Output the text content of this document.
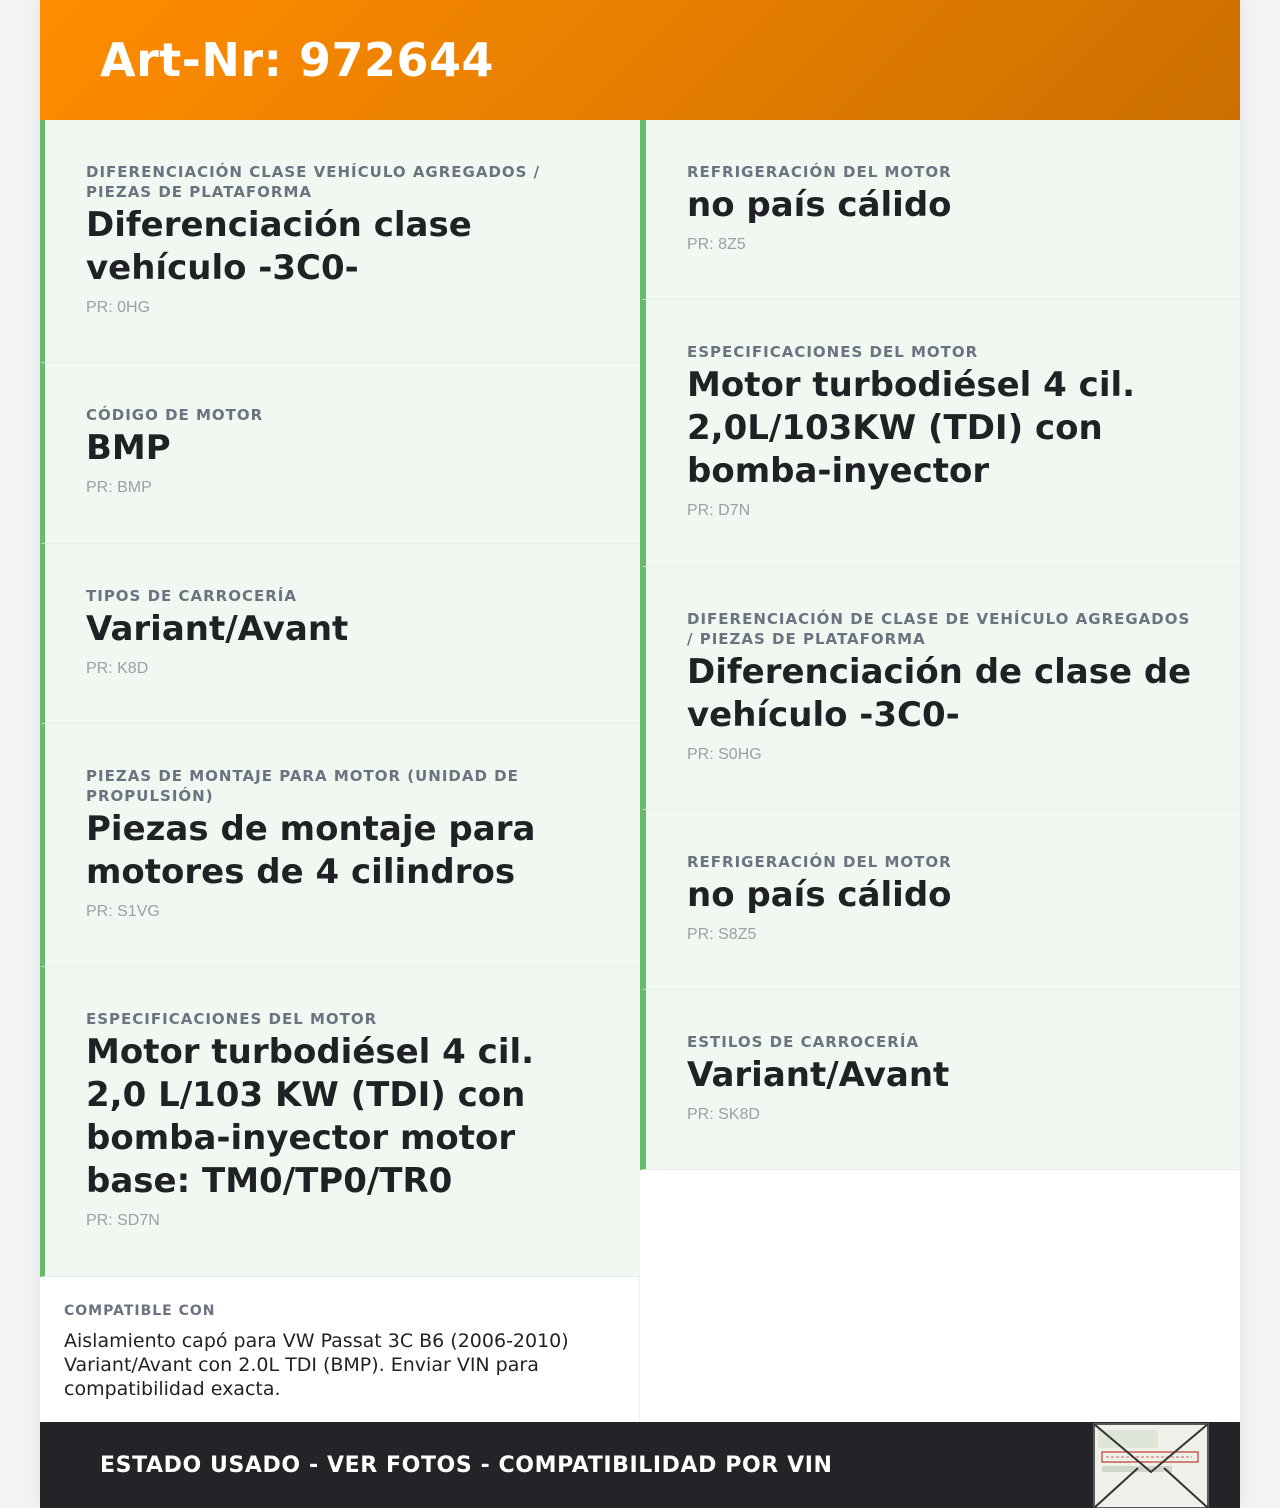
Art-Nr: 972644
DIFERENCIACIÓN CLASE VEHÍCULO AGREGADOS / PIEZAS DE PLATAFORMA
Diferenciación clase vehículo -3C0-
PR: 0HG
CÓDIGO DE MOTOR
BMP
PR: BMP
TIPOS DE CARROCERÍA
Variant/Avant
PR: K8D
PIEZAS DE MONTAJE PARA MOTOR (UNIDAD DE PROPULSIÓN)
Piezas de montaje para motores de 4 cilindros
PR: S1VG
ESPECIFICACIONES DEL MOTOR
Motor turbodiésel 4 cil. 2,0 L/103 KW (TDI) con bomba-inyector motor base: TM0/TP0/TR0
PR: SD7N
COMPATIBLE CON
Aislamiento capó para VW Passat 3C B6 (2006-2010) Variant/Avant con 2.0L TDI (BMP). Enviar VIN para compatibilidad exacta.
REFRIGERACIÓN DEL MOTOR
no país cálido
PR: 8Z5
ESPECIFICACIONES DEL MOTOR
Motor turbodiésel 4 cil. 2,0L/103KW (TDI) con bomba-inyector
PR: D7N
DIFERENCIACIÓN DE CLASE DE VEHÍCULO AGREGADOS / PIEZAS DE PLATAFORMA
Diferenciación de clase de vehículo -3C0-
PR: S0HG
REFRIGERACIÓN DEL MOTOR
no país cálido
PR: S8Z5
ESTILOS DE CARROCERÍA
Variant/Avant
PR: SK8D
ESTADO USADO - VER FOTOS - COMPATIBILIDAD POR VIN
